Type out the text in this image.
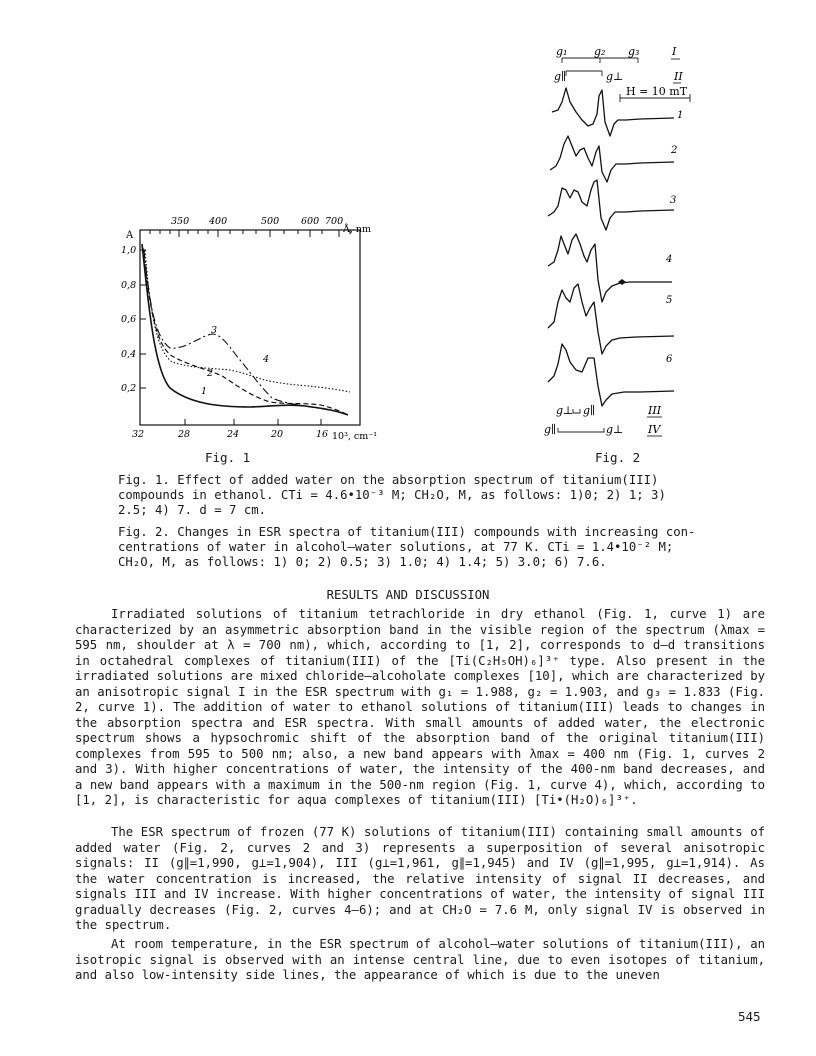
g₁ g₂ g₃	I
g∥	g⊥	II
H = 10 mT
1
2
3
4
5
6
g⊥ g∥	III
g∥	g⊥ IV
350 400	500 600 700
Å, nm
A
1,0
0,8
0,6
0,4
0,2
32	28	24	20	16 10³, cm⁻¹
1
2
3
4
Fig. 1	Fig. 2

Fig. 1. Effect of added water on the absorption spectrum of titanium(III)
compounds in ethanol. CTi = 4.6•10⁻³ M; CH₂O, M, as follows: 1)0; 2) 1; 3)
2.5; 4) 7. d = 7 cm.

Fig. 2. Changes in ESR spectra of titanium(III) compounds with increasing con-
centrations of water in alcohol–water solutions, at 77 K. CTi = 1.4•10⁻² M;
CH₂O, M, as follows: 1) 0; 2) 0.5; 3) 1.0; 4) 1.4; 5) 3.0; 6) 7.6.

RESULTS AND DISCUSSION

Irradiated solutions of titanium tetrachloride in dry ethanol (Fig. 1, curve 1) are characterized by an asymmetric absorption band in the visible region of the spectrum (λmax = 595 nm, shoulder at λ = 700 nm), which, according to [1, 2], corresponds to d–d transitions in octahedral complexes of titanium(III) of the [Ti(C₂H₅OH)₆]³⁺ type. Also present in the irradiated solutions are mixed chloride–alcoholate complexes [10], which are characterized by an anisotropic signal I in the ESR spectrum with g₁ = 1.988, g₂ = 1.903, and g₃ = 1.833 (Fig. 2, curve 1). The addition of water to ethanol solutions of titanium(III) leads to changes in the absorption spectra and ESR spectra. With small amounts of added water, the electronic spectrum shows a hypsochromic shift of the absorption band of the original titanium(III) complexes from 595 to 500 nm; also, a new band appears with λmax = 400 nm (Fig. 1, curves 2 and 3). With higher concentrations of water, the intensity of the 400-nm band decreases, and a new band appears with a maximum in the 500-nm region (Fig. 1, curve 4), which, according to [1, 2], is characteristic for aqua complexes of titanium(III) [Ti•(H₂O)₆]³⁺.

The ESR spectrum of frozen (77 K) solutions of titanium(III) containing small amounts of added water (Fig. 2, curves 2 and 3) represents a superposition of several anisotropic signals: II (g∥=1,990, g⊥=1,904), III (g⊥=1,961, g∥=1,945) and IV (g∥=1,995, g⊥=1,914). As the water concentration is increased, the relative intensity of signal II decreases, and signals III and IV increase. With higher concentrations of water, the intensity of signal III gradually decreases (Fig. 2, curves 4–6); and at CH₂O = 7.6 M, only signal IV is observed in the spectrum.

At room temperature, in the ESR spectrum of alcohol–water solutions of titanium(III), an isotropic signal is observed with an intense central line, due to even isotopes of titanium, and also low-intensity side lines, the appearance of which is due to the uneven

545
